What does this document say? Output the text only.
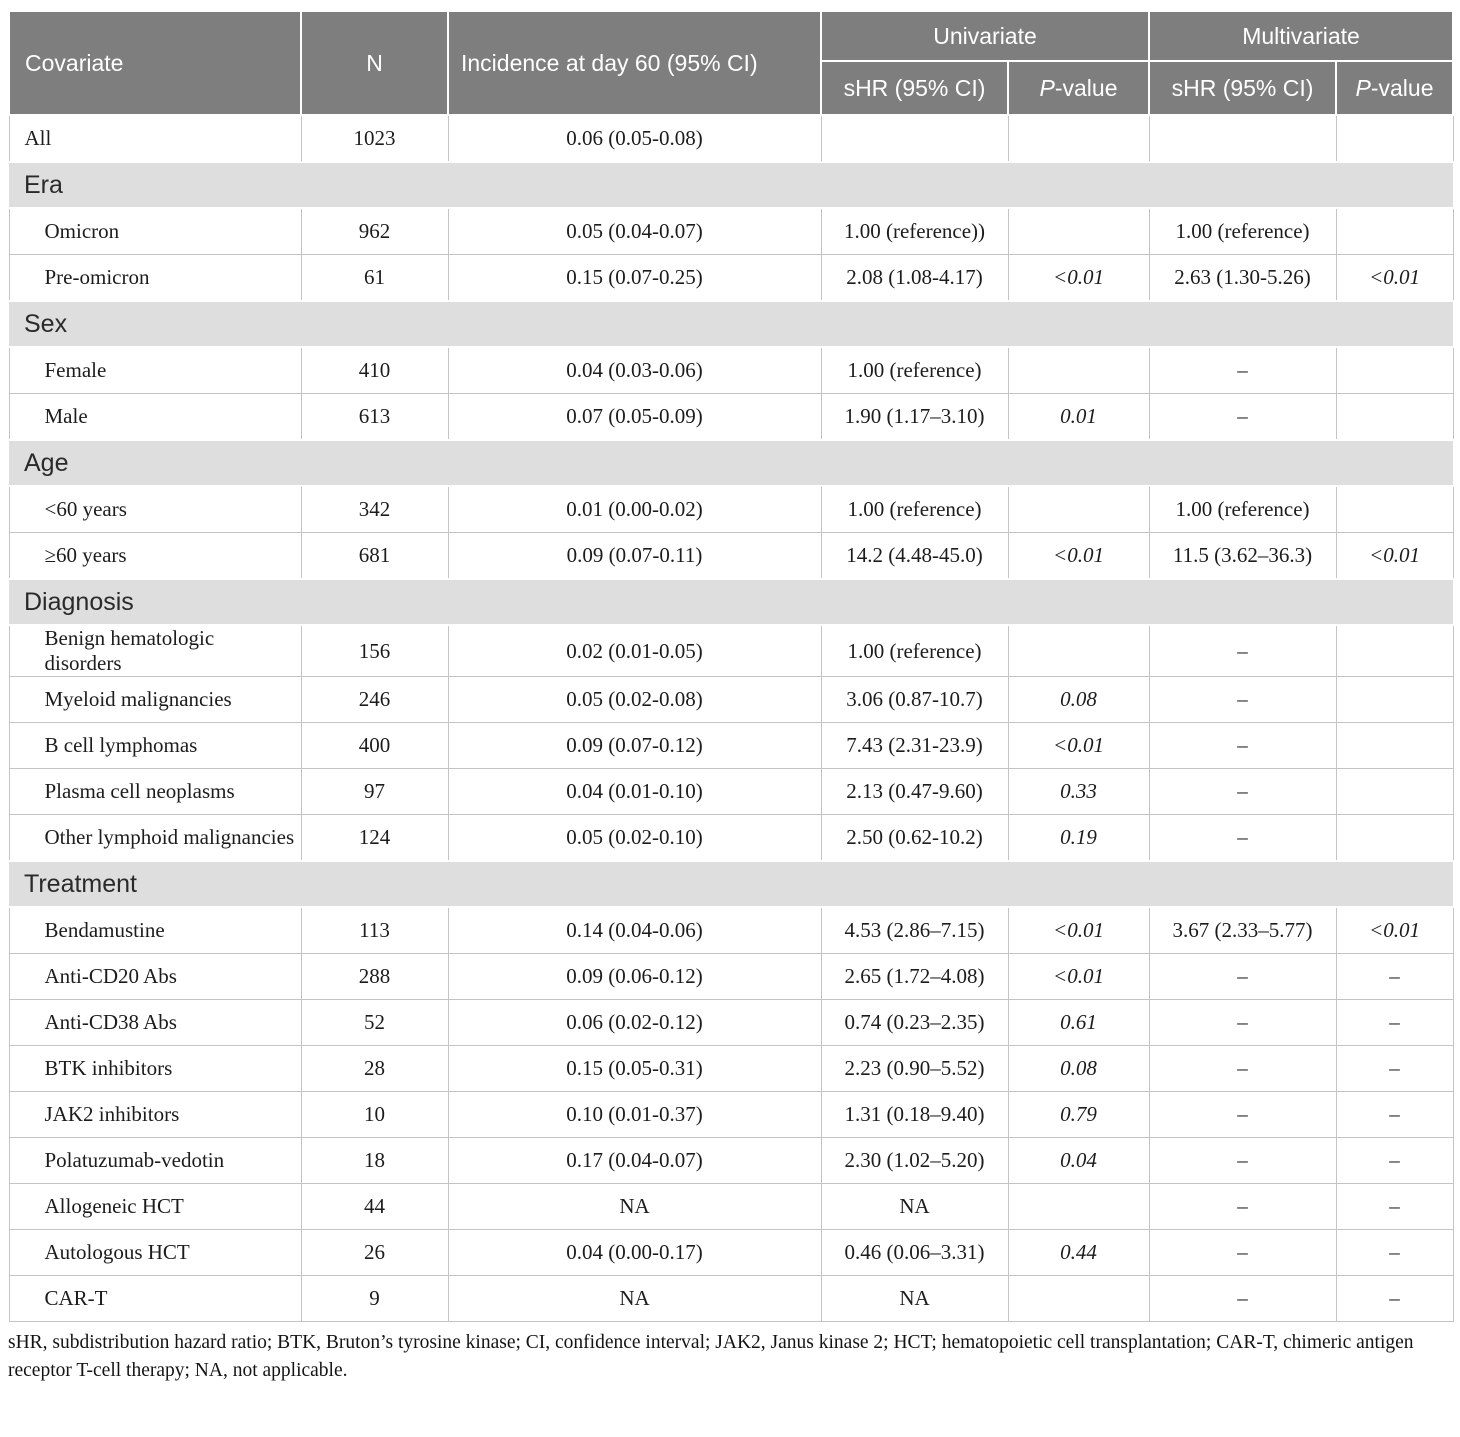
Covariate	N	Incidence at day 60 (95% CI)	Univariate		Multivariate	
			sHR (95% CI)	P-value	sHR (95% CI)	P-value
All	1023	0.06 (0.05-0.08)				
Era						
Omicron	962	0.05 (0.04-0.07)	1.00 (reference))		1.00 (reference)	
Pre-omicron	61	0.15 (0.07-0.25)	2.08 (1.08-4.17)	<0.01	2.63 (1.30-5.26)	<0.01
Sex						
Female	410	0.04 (0.03-0.06)	1.00 (reference)		–	
Male	613	0.07 (0.05-0.09)	1.90 (1.17–3.10)	0.01	–	
Age						
<60 years	342	0.01 (0.00-0.02)	1.00 (reference)		1.00 (reference)	
≥60 years	681	0.09 (0.07-0.11)	14.2 (4.48-45.0)	<0.01	11.5 (3.62–36.3)	<0.01
Diagnosis						
Benign hematologic disorders	156	0.02 (0.01-0.05)	1.00 (reference)		–	
Myeloid malignancies	246	0.05 (0.02-0.08)	3.06 (0.87-10.7)	0.08	–	
B cell lymphomas	400	0.09 (0.07-0.12)	7.43 (2.31-23.9)	<0.01	–	
Plasma cell neoplasms	97	0.04 (0.01-0.10)	2.13 (0.47-9.60)	0.33	–	
Other lymphoid malignancies	124	0.05 (0.02-0.10)	2.50 (0.62-10.2)	0.19	–	
Treatment						
Bendamustine	113	0.14 (0.04-0.06)	4.53 (2.86–7.15)	<0.01	3.67 (2.33–5.77)	<0.01
Anti-CD20 Abs	288	0.09 (0.06-0.12)	2.65 (1.72–4.08)	<0.01	–	–
Anti-CD38 Abs	52	0.06 (0.02-0.12)	0.74 (0.23–2.35)	0.61	–	–
BTK inhibitors	28	0.15 (0.05-0.31)	2.23 (0.90–5.52)	0.08	–	–
JAK2 inhibitors	10	0.10 (0.01-0.37)	1.31 (0.18–9.40)	0.79	–	–
Polatuzumab-vedotin	18	0.17 (0.04-0.07)	2.30 (1.02–5.20)	0.04	–	–
Allogeneic HCT	44	NA	NA		–	–
Autologous HCT	26	0.04 (0.00-0.17)	0.46 (0.06–3.31)	0.44	–	–
CAR-T	9	NA	NA		–	–
sHR, subdistribution hazard ratio; BTK, Bruton’s tyrosine kinase; CI, confidence interval; JAK2, Janus kinase 2; HCT; hematopoietic cell transplantation; CAR-T, chimeric antigen receptor T-cell therapy; NA, not applicable.
